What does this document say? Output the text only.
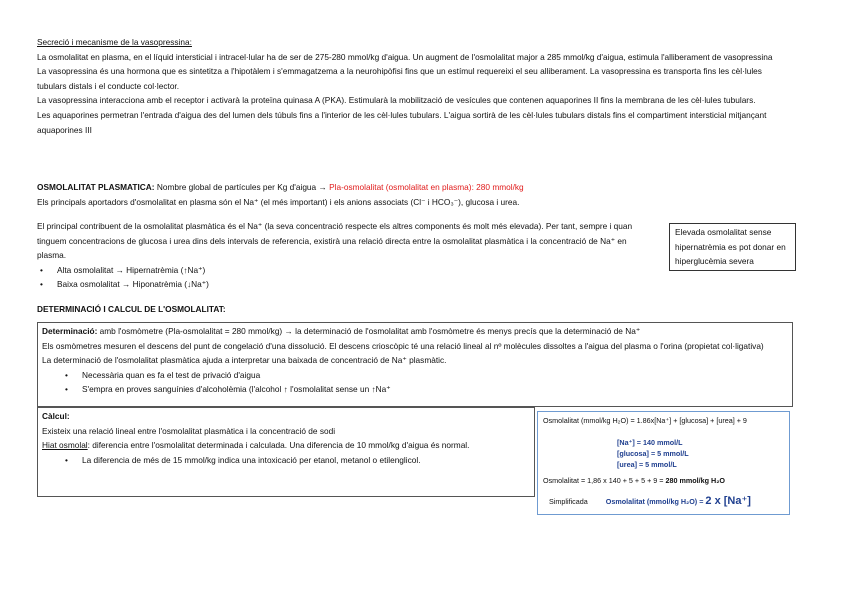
Secreció i mecanisme de la vasopressina:

La osmolalitat en plasma, en el líquid intersticial i intracel·lular ha de ser de 275-280 mmol/kg d'aigua. Un augment de l'osmolalitat major a 285 mmol/kg d'aigua, estimula l'alliberament de vasopressina

La vasopressina és una hormona que es sintetitza a l'hipotàlem i s'emmagatzema a la neurohipòfisi fins que un estímul requereixi el seu alliberament. La vasopressina es transporta fins les cèl·lules tubulars distals i el conducte col·lector.

La vasopressina interacciona amb el receptor i activarà la proteïna quinasa A (PKA). Estimularà la mobilització de vesícules que contenen aquaporines II fins la membrana de les cèl·lules tubulars.

Les aquaporines permetran l'entrada d'aigua des del lumen dels túbuls fins a l'interior de les cèl·lules tubulars. L'aigua sortirà de les cèl·lules tubulars distals fins el compartiment intersticial mitjançant aquaporines III

OSMOLALITAT PLASMATICA: Nombre global de partícules per Kg d'aigua → Pla-osmolalitat (osmolalitat en plasma): 280 mmol/kg

Els principals aportadors d'osmolalitat en plasma són el Na⁺ (el més important) i els anions associats (Cl⁻ i HCO₃⁻), glucosa i urea.

El principal contribuent de la osmolalitat plasmàtica és el Na⁺ (la seva concentració respecte els altres components és molt més elevada). Per tant, sempre i quan tinguem concentracions de glucosa i urea dins dels intervals de referencia, existirà una relació directa entre la osmolalitat plasmàtica i la concentració de Na⁺ en plasma.

• Alta osmolalitat → Hipernatrèmia (↑Na⁺)
• Baixa osmolalitat → Hiponatrèmia (↓Na⁺)
Elevada osmolalitat sense hipernatrèmia es pot donar en hiperglucèmia severa
DETERMINACIÓ I CALCUL DE L'OSMOLALITAT:

Determinació: amb l'osmòmetre (Pla-osmolalitat = 280 mmol/kg) → la determinació de l'osmolalitat amb l'osmòmetre és menys precís que la determinació de Na⁺

Els osmòmetres mesuren el descens del punt de congelació d'una dissolució. El descens crioscòpic té una relació lineal al nº molècules dissoltes a l'aigua del plasma o l'orina (propietat col·ligativa)

La determinació de l'osmolalitat plasmàtica ajuda a interpretar una baixada de concentració de Na⁺ plasmàtic.

• Necessària quan es fa el test de privació d'aigua
• S'empra en proves sanguínies d'alcoholèmia (l'alcohol ↑ l'osmolalitat sense un ↑Na⁺

Càlcul:

Existeix una relació lineal entre l'osmolalitat plasmàtica i la concentració de sodi

Hiat osmolal: diferencia entre l'osmolalitat determinada i calculada. Una diferencia de 10 mmol/kg d'aigua és normal.

• La diferencia de més de 15 mmol/kg indica una intoxicació per etanol, metanol o etilenglicol.
Osmolalitat (mmol/kg H₂O) = 1.86x[Na⁺] + [glucosa] + [urea] + 9
[Na⁺] = 140 mmol/L
[glucosa] = 5 mmol/L
[urea] = 5 mmol/L
Osmolalitat = 1,86 x 140 + 5 + 5 + 9 = 280 mmol/kg H₂O
Simplificada	Osmolalitat (mmol/kg H₂O) = 2 x [Na⁺]
